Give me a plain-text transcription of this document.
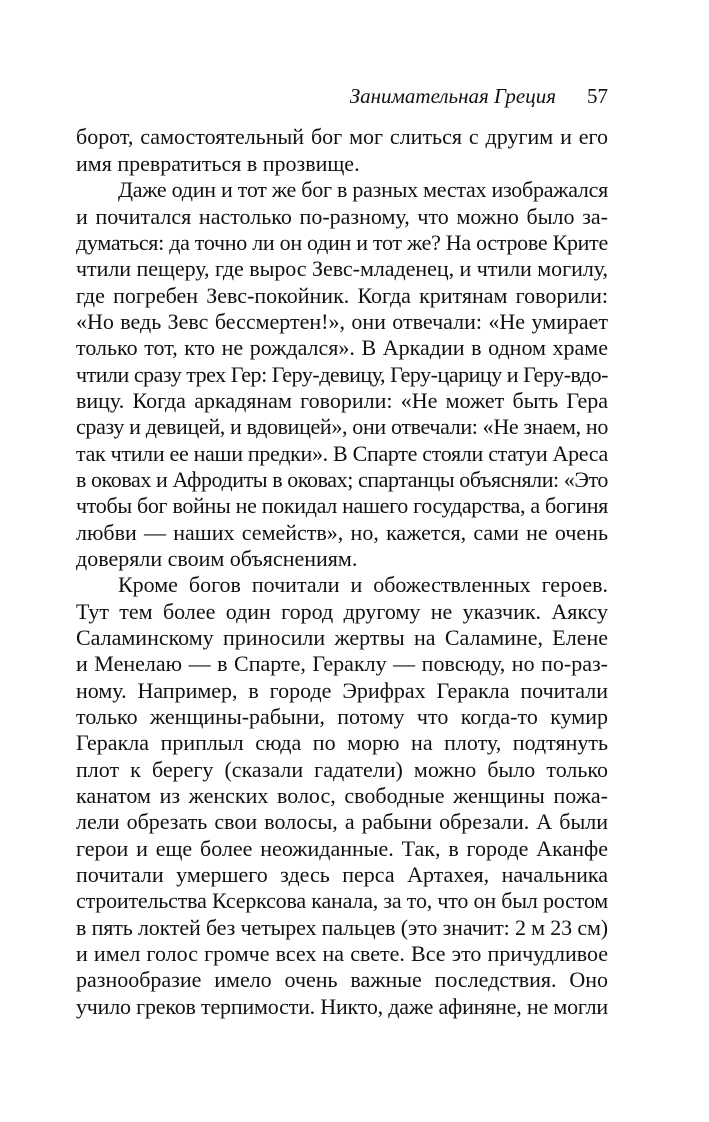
Занимательная Греция 57
борот, самостоятельный бог мог слиться с другим и его
имя превратиться в прозвище.
Даже один и тот же бог в разных местах изображался
и почитался настолько по-разному, что можно было за-
думаться: да точно ли он один и тот же? На острове Крите
чтили пещеру, где вырос Зевс-младенец, и чтили могилу,
где погребен Зевс-покойник. Когда критянам говорили:
«Но ведь Зевс бессмертен!», они отвечали: «Не умирает
только тот, кто не рождался». В Аркадии в одном храме
чтили сразу трех Гер: Геру-девицу, Геру-царицу и Геру-вдо-
вицу. Когда аркадянам говорили: «Не может быть Гера
сразу и девицей, и вдовицей», они отвечали: «Не знаем, но
так чтили ее наши предки». В Спарте стояли статуи Ареса
в оковах и Афродиты в оковах; спартанцы объясняли: «Это
чтобы бог войны не покидал нашего государства, а богиня
любви — наших семейств», но, кажется, сами не очень
доверяли своим объяснениям.
Кроме богов почитали и обожествленных героев.
Тут тем более один город другому не указчик. Аяксу
Саламинскому приносили жертвы на Саламине, Елене
и Менелаю — в Спарте, Гераклу — повсюду, но по-раз-
ному. Например, в городе Эрифрах Геракла почитали
только женщины-рабыни, потому что когда-то кумир
Геракла приплыл сюда по морю на плоту, подтянуть
плот к берегу (сказали гадатели) можно было только
канатом из женских волос, свободные женщины пожа-
лели обрезать свои волосы, а рабыни обрезали. А были
герои и еще более неожиданные. Так, в городе Аканфе
почитали умершего здесь перса Артахея, начальника
строительства Ксерксова канала, за то, что он был ростом
в пять локтей без четырех пальцев (это значит: 2 м 23 см)
и имел голос громче всех на свете. Все это причудливое
разнообразие имело очень важные последствия. Оно
учило греков терпимости. Никто, даже афиняне, не могли
